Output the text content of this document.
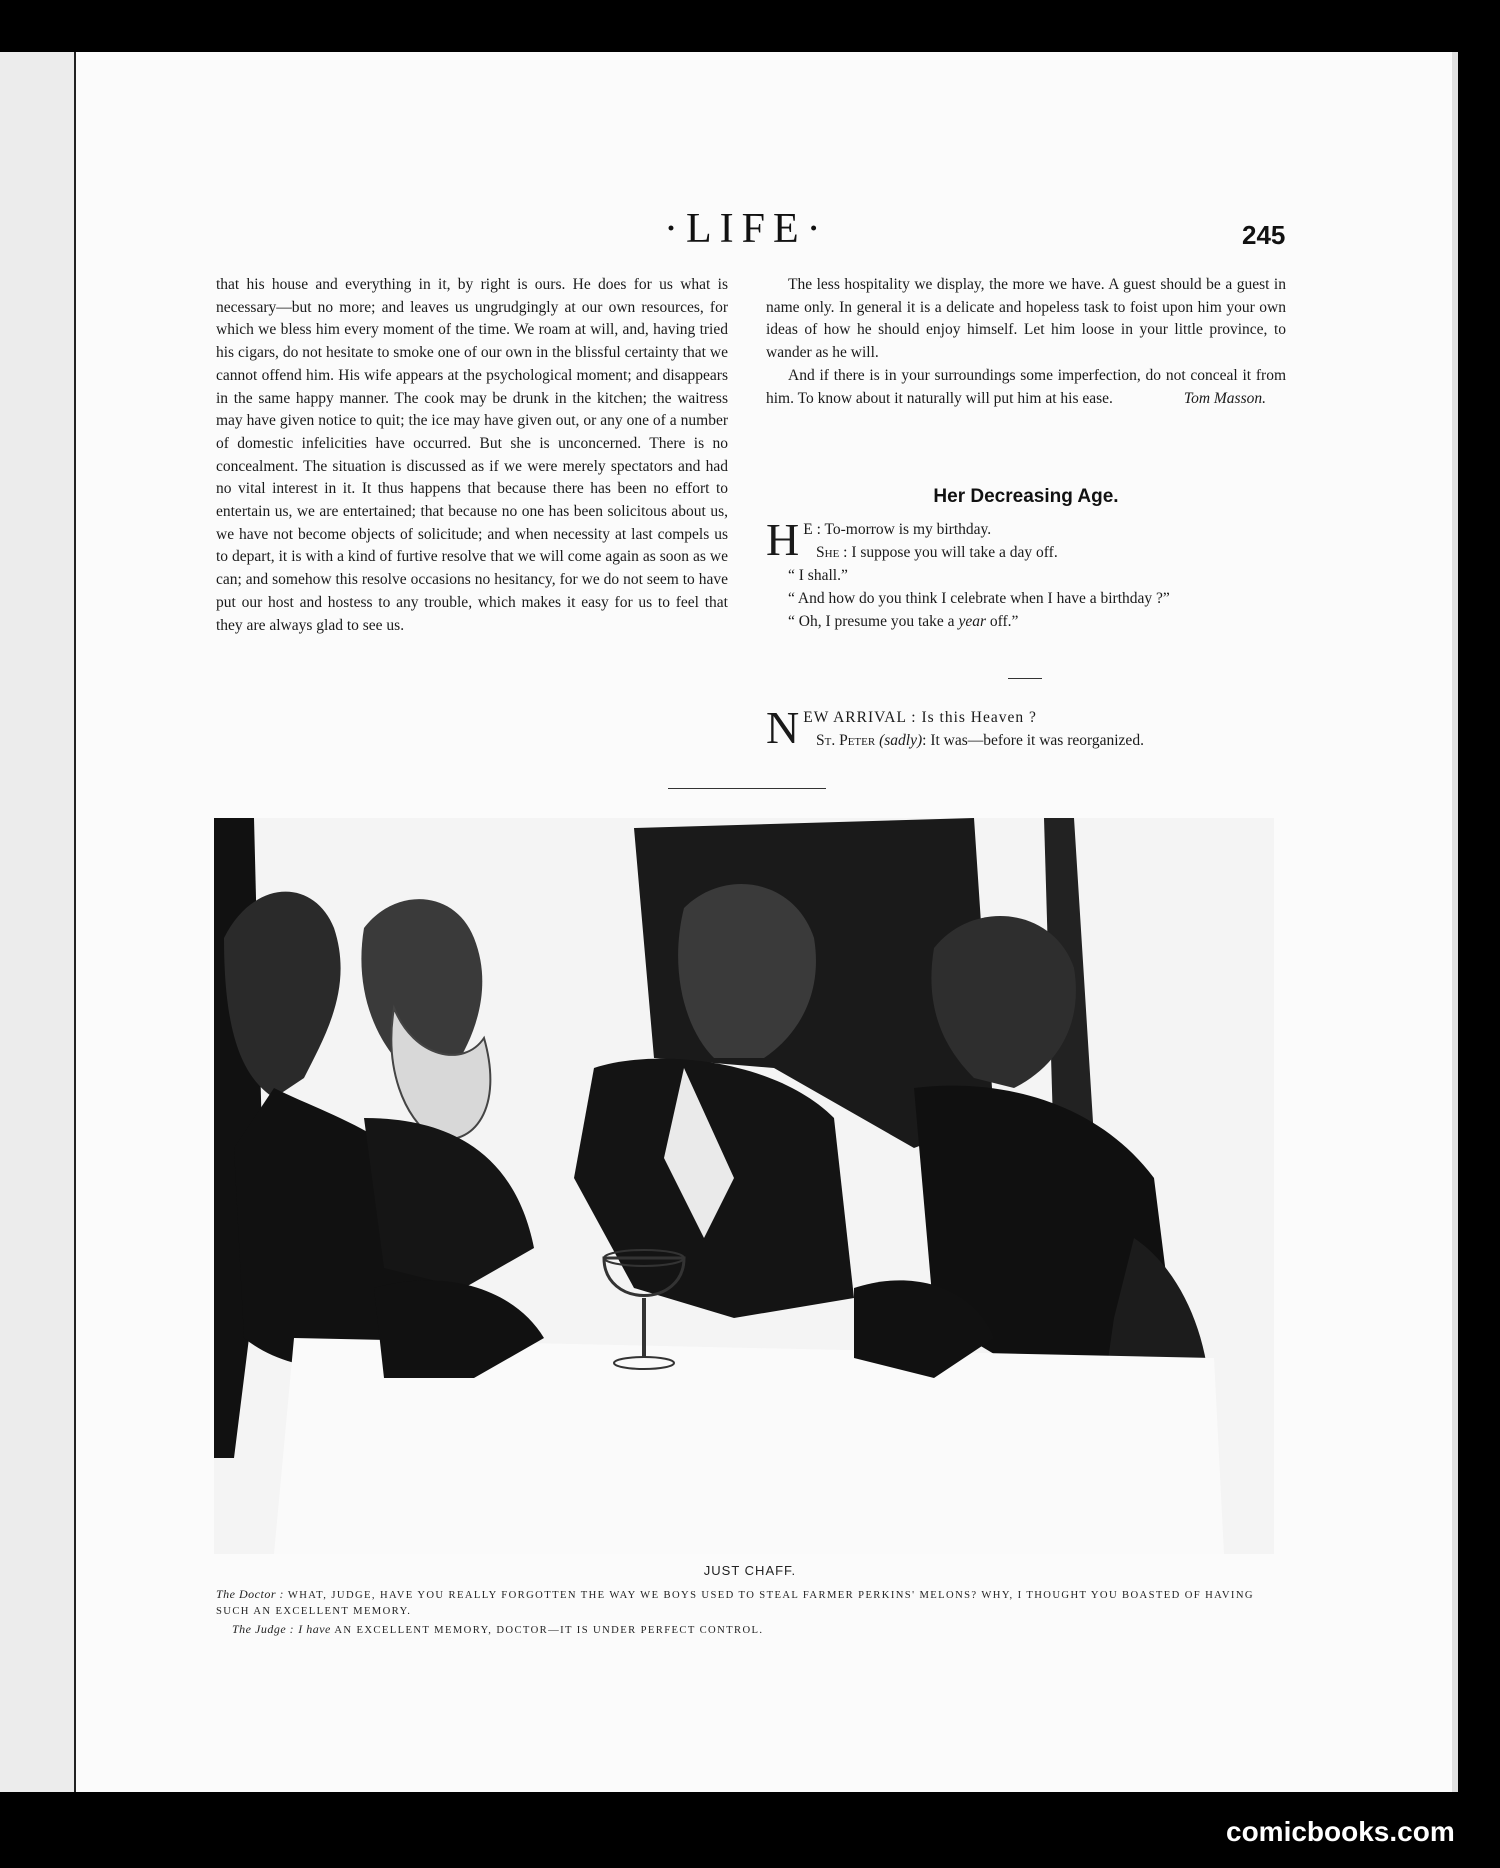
·LIFE·	245

that his house and everything in it, by right is ours. He does for us what is necessary—but no more; and leaves us ungrudgingly at our own resources, for which we bless him every moment of the time. We roam at will, and, having tried his cigars, do not hesitate to smoke one of our own in the blissful certainty that we cannot offend him. His wife appears at the psychological moment; and disappears in the same happy manner. The cook may be drunk in the kitchen; the waitress may have given notice to quit; the ice may have given out, or any one of a number of domestic infelicities have occurred. But she is unconcerned. There is no concealment. The situation is discussed as if we were merely spectators and had no vital interest in it. It thus happens that because there has been no effort to entertain us, we are entertained; that because no one has been solicitous about us, we have not become objects of solicitude; and when necessity at last compels us to depart, it is with a kind of furtive resolve that we will come again as soon as we can; and somehow this resolve occasions no hesitancy, for we do not seem to have put our host and hostess to any trouble, which makes it easy for us to feel that they are always glad to see us.

The less hospitality we display, the more we have. A guest should be a guest in name only. In general it is a delicate and hopeless task to foist upon him your own ideas of how he should enjoy himself. Let him loose in your little province, to wander as he will.

And if there is in your surroundings some imperfection, do not conceal it from him. To know about it naturally will put him at his ease.	Tom Masson.

Her Decreasing Age.
H E : To-morrow is my birthday.
She : I suppose you will take a day off.
“ I shall.”
“ And how do you think I celebrate when I have a birthday ?”
“ Oh, I presume you take a year off.”
NEW ARRIVAL : Is this Heaven ?
St. Peter (sadly): It was—before it was reorganized.
JUST CHAFF.
The Doctor : WHAT, JUDGE, HAVE YOU REALLY FORGOTTEN THE WAY WE BOYS USED TO STEAL FARMER PERKINS' MELONS? WHY, I THOUGHT YOU BOASTED OF HAVING SUCH AN EXCELLENT MEMORY.
The Judge : I have AN EXCELLENT MEMORY, DOCTOR—IT IS UNDER PERFECT CONTROL.
comicbooks.com
